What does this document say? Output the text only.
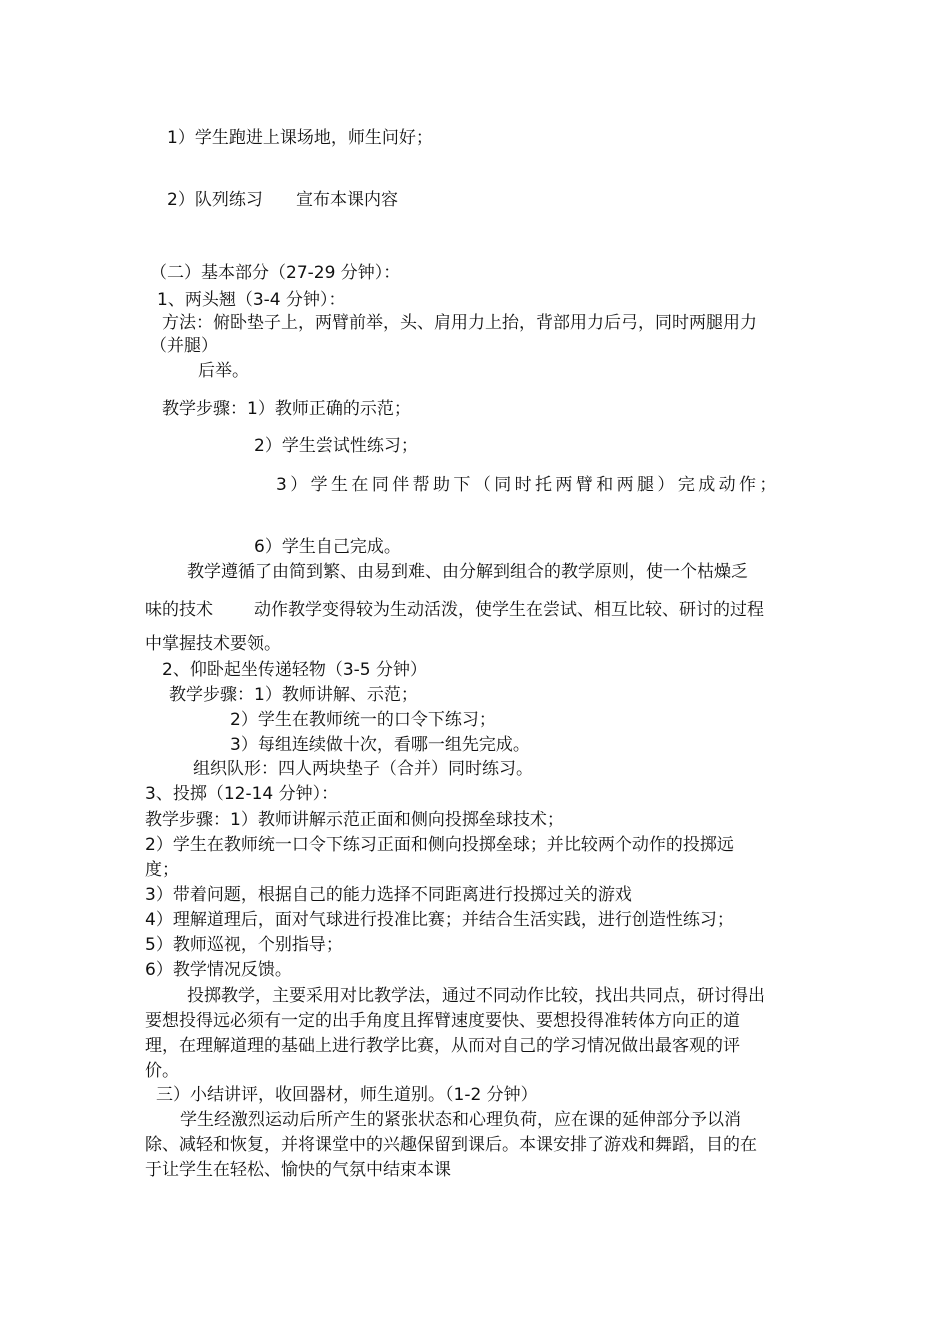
1）学生跑进上课场地，师生问好；
2）队列练习 宣布本课内容
（二）基本部分（27-29 分钟）：
1、两头翘（3-4 分钟）：
方法：俯卧垫子上，两臂前举，头、肩用力上抬，背部用力后弓，同时两腿用力
（并腿）
后举。
教学步骤：1）教师正确的示范；
2）学生尝试性练习；
3）学生在同伴帮助下（同时托两臂和两腿）完成动作；
6）学生自己完成。
教学遵循了由简到繁、由易到难、由分解到组合的教学原则，使一个枯燥乏
味的技术 动作教学变得较为生动活泼，使学生在尝试、相互比较、研讨的过程
中掌握技术要领。
2、仰卧起坐传递轻物（3-5 分钟）
教学步骤：1）教师讲解、示范；
2）学生在教师统一的口令下练习；
3）每组连续做十次，看哪一组先完成。
组织队形：四人两块垫子（合并）同时练习。
3、投掷（12-14 分钟）：
教学步骤：1）教师讲解示范正面和侧向投掷垒球技术；
2）学生在教师统一口令下练习正面和侧向投掷垒球；并比较两个动作的投掷远
度；
3）带着问题，根据自己的能力选择不同距离进行投掷过关的游戏
4）理解道理后，面对气球进行投准比赛；并结合生活实践，进行创造性练习；
5）教师巡视，个别指导；
6）教学情况反馈。
投掷教学，主要采用对比教学法，通过不同动作比较，找出共同点，研讨得出
要想投得远必须有一定的出手角度且挥臂速度要快、要想投得准转体方向正的道
理，在理解道理的基础上进行教学比赛，从而对自己的学习情况做出最客观的评
价。
三）小结讲评，收回器材，师生道别。（1-2 分钟）
学生经激烈运动后所产生的紧张状态和心理负荷，应在课的延伸部分予以消
除、减轻和恢复，并将课堂中的兴趣保留到课后。本课安排了游戏和舞蹈，目的在
于让学生在轻松、愉快的气氛中结束本课
